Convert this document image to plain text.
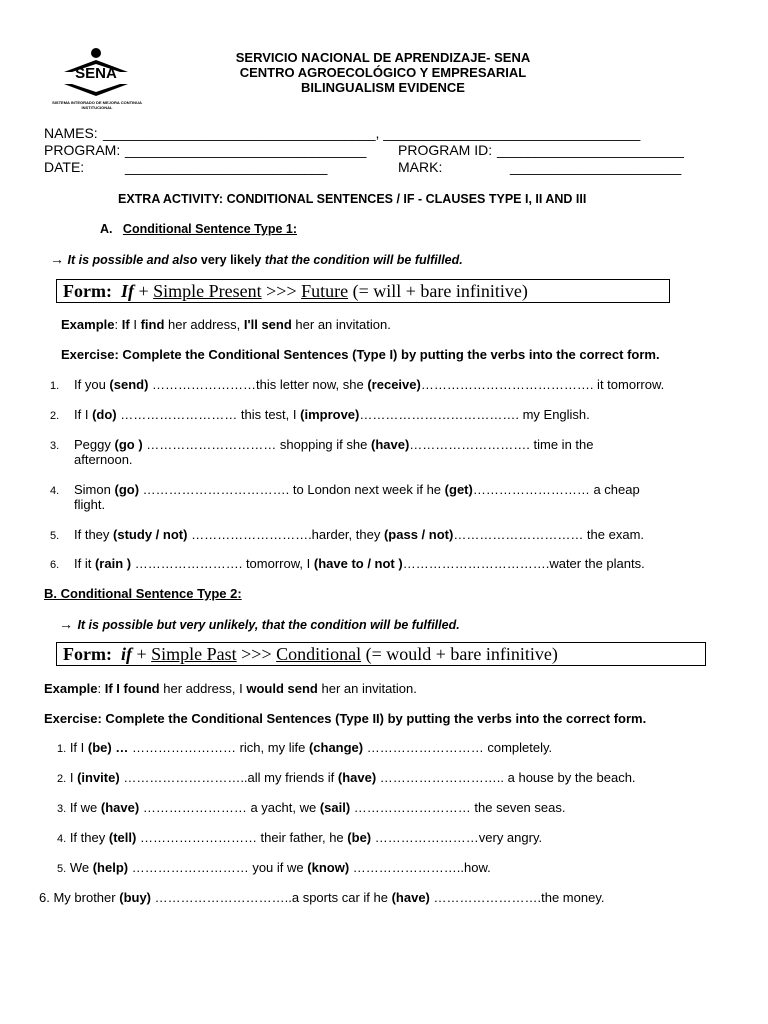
SENA
SISTEMA INTEGRADO DE MEJORA CONTINUA INSTITUCIONAL
SERVICIO NACIONAL DE APRENDIZAJE- SENA
CENTRO AGROECOLÓGICO Y EMPRESARIAL
BILINGUALISM EVIDENCE
NAMES: ___________________________________, _________________________________
PROGRAM: _______________________________ PROGRAM ID: ________________________
DATE:	__________________________	MARK:	______________________
EXTRA ACTIVITY: CONDITIONAL SENTENCES / IF - CLAUSES TYPE I, II AND III
A. Conditional Sentence Type 1:
→ It is possible and also very likely that the condition will be fulfilled.
Form: If + Simple Present >>> Future (= will + bare infinitive)
Example: If I find her address, I'll send her an invitation.
Exercise: Complete the Conditional Sentences (Type I) by putting the verbs into the correct form.
1. If you (send) ……………………this letter now, she (receive)…………………………………. it tomorrow.
2. If I (do) ……………………… this test, I (improve)………………………………. my English.
3. Peggy (go ) ………………………… shopping if she (have)………………………. time in the
afternoon.
4. Simon (go) ……………………………. to London next week if he (get)……………………… a cheap
flight.
5. If they (study / not) ……………………….harder, they (pass / not)………………………… the exam.
6. If it (rain ) ……………………. tomorrow, I (have to / not )…………………………….water the plants.
B. Conditional Sentence Type 2:
→ It is possible but very unlikely, that the condition will be fulfilled.
Form: if + Simple Past >>> Conditional (= would + bare infinitive)
Example: If I found her address, I would send her an invitation.
Exercise: Complete the Conditional Sentences (Type II) by putting the verbs into the correct form.
1. If I (be) … …………………… rich, my life (change) ……………………… completely.
2. I (invite) ………………………..all my friends if (have) ……………………….. a house by the beach.
3. If we (have) …………………… a yacht, we (sail) ……………………… the seven seas.
4. If they (tell) ……………………… their father, he (be) ……………………very angry.
5. We (help) ……………………… you if we (know) ……………………..how.
6. My brother (buy) …………………………..a sports car if he (have) …………………….the money.
